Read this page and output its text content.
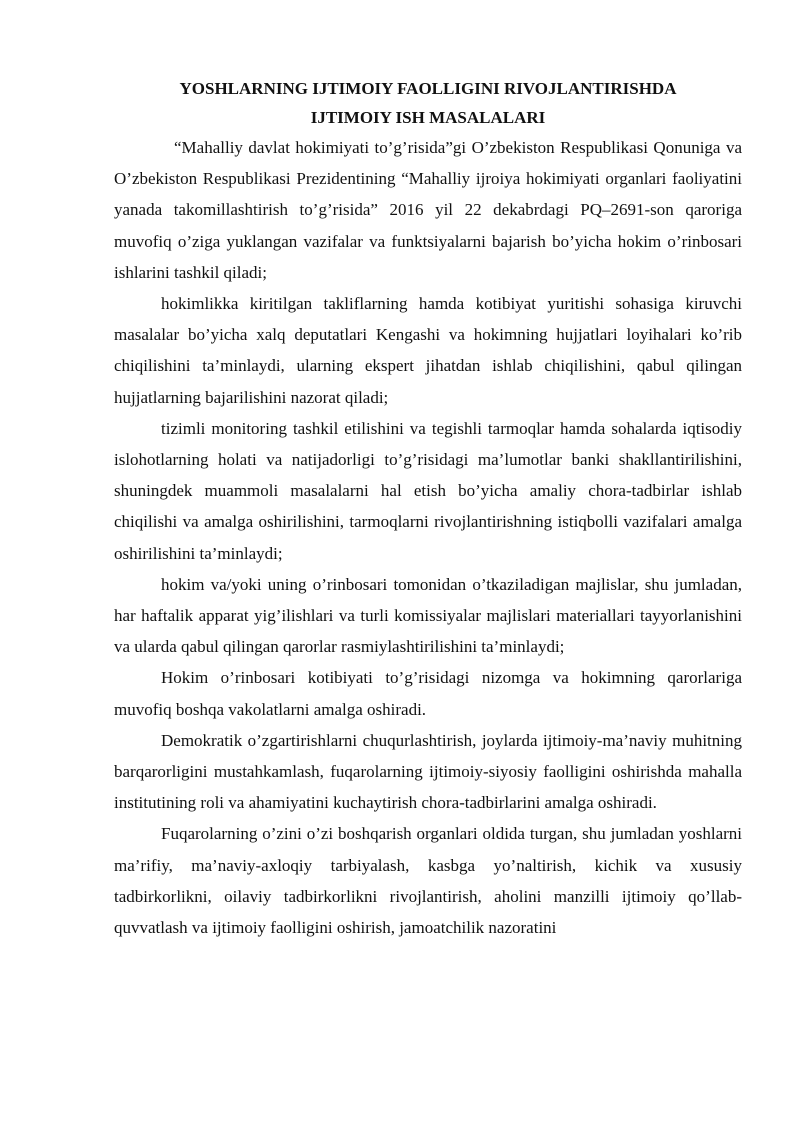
YOSHLARNING IJTIMOIY FAOLLIGINI RIVOJLANTIRISHDA
IJTIMOIY ISH MASALALARI

“Mahalliy davlat hokimiyati to’g’risida”gi O’zbekiston Respublikasi Qonuniga va O’zbekiston Respublikasi Prezidentining “Mahalliy ijroiya hokimiyati organlari faoliyatini yanada takomillashtirish to’g’risida” 2016 yil 22 dekabrdagi PQ–2691-son qaroriga muvofiq o’ziga yuklangan vazifalar va funktsiyalarni bajarish bo’yicha hokim o’rinbosari ishlarini tashkil qiladi;

hokimlikka kiritilgan takliflarning hamda kotibiyat yuritishi sohasiga kiruvchi masalalar bo’yicha xalq deputatlari Kengashi va hokimning hujjatlari loyihalari ko’rib chiqilishini ta’minlaydi, ularning ekspert jihatdan ishlab chiqilishini, qabul qilingan hujjatlarning bajarilishini nazorat qiladi;

tizimli monitoring tashkil etilishini va tegishli tarmoqlar hamda sohalarda iqtisodiy islohotlarning holati va natijadorligi to’g’risidagi ma’lumotlar banki shakllantirilishini, shuningdek muammoli masalalarni hal etish bo’yicha amaliy chora-tadbirlar ishlab chiqilishi va amalga oshirilishini, tarmoqlarni rivojlantirishning istiqbolli vazifalari amalga oshirilishini ta’minlaydi;

hokim va/yoki uning o’rinbosari tomonidan o’tkaziladigan majlislar, shu jumladan, har haftalik apparat yig’ilishlari va turli komissiyalar majlislari materiallari tayyorlanishini va ularda qabul qilingan qarorlar rasmiylashtirilishini ta’minlaydi;

Hokim o’rinbosari kotibiyati to’g’risidagi nizomga va hokimning qarorlariga muvofiq boshqa vakolatlarni amalga oshiradi.

Demokratik o’zgartirishlarni chuqurlashtirish, joylarda ijtimoiy-ma’naviy muhitning barqarorligini mustahkamlash, fuqarolarning ijtimoiy-siyosiy faolligini oshirishda mahalla institutining roli va ahamiyatini kuchaytirish chora-tadbirlarini amalga oshiradi.

Fuqarolarning o’zini o’zi boshqarish organlari oldida turgan, shu jumladan yoshlarni ma’rifiy, ma’naviy-axloqiy tarbiyalash, kasbga yo’naltirish, kichik va xususiy tadbirkorlikni, oilaviy tadbirkorlikni rivojlantirish, aholini manzilli ijtimoiy qo’llab-quvvatlash va ijtimoiy faolligini oshirish, jamoatchilik nazoratini
